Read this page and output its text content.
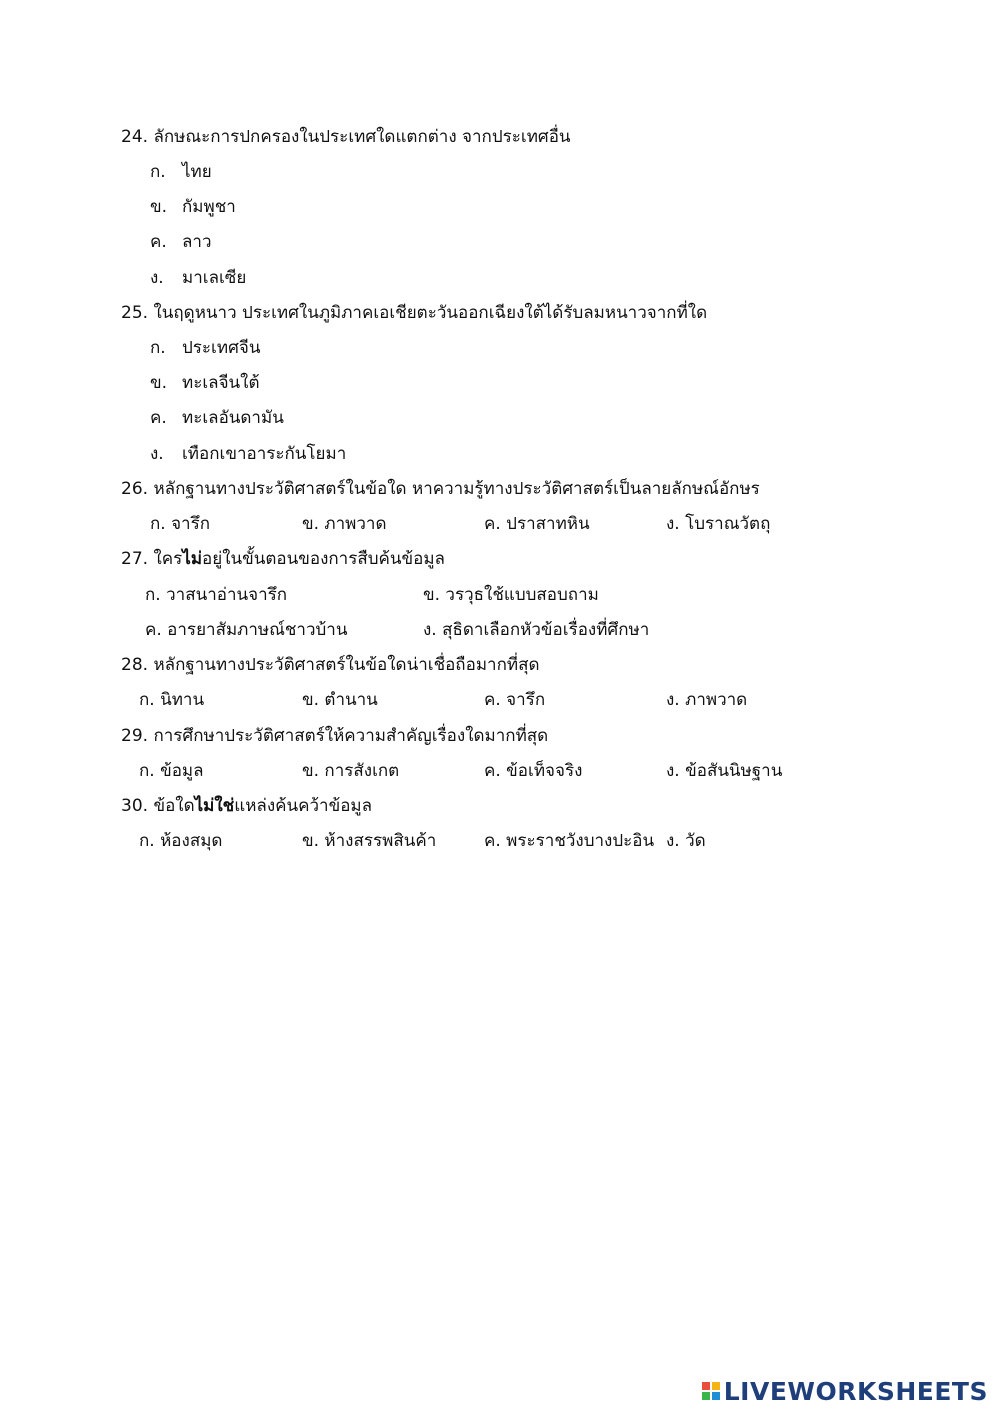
24. ลักษณะการปกครองในประเทศใดแตกต่าง จากประเทศอื่น
ก. ไทย
ข. กัมพูชา
ค. ลาว
ง. มาเลเซีย
25. ในฤดูหนาว ประเทศในภูมิภาคเอเชียตะวันออกเฉียงใต้ได้รับลมหนาวจากที่ใด
ก. ประเทศจีน
ข. ทะเลจีนใต้
ค. ทะเลอันดามัน
ง. เทือกเขาอาระกันโยมา
26. หลักฐานทางประวัติศาสตร์ในข้อใด หาความรู้ทางประวัติศาสตร์เป็นลายลักษณ์อักษร
ก. จารึก	ข. ภาพวาด	ค. ปราสาทหิน	ง. โบราณวัตถุ
27. ใครไม่อยู่ในขั้นตอนของการสืบค้นข้อมูล
ก. วาสนาอ่านจารึก	ข. วรวุธใช้แบบสอบถาม
ค. อารยาสัมภาษณ์ชาวบ้าน	ง. สุธิดาเลือกหัวข้อเรื่องที่ศึกษา
28. หลักฐานทางประวัติศาสตร์ในข้อใดน่าเชื่อถือมากที่สุด
ก. นิทาน	ข. ตำนาน	ค. จารึก	ง. ภาพวาด
29. การศึกษาประวัติศาสตร์ให้ความสำคัญเรื่องใดมากที่สุด
ก. ข้อมูล	ข. การสังเกต	ค. ข้อเท็จจริง	ง. ข้อสันนิษฐาน
30. ข้อใดไม่ใช่แหล่งค้นคว้าข้อมูล
ก. ห้องสมุด	ข. ห้างสรรพสินค้า	ค. พระราชวังบางปะอิน ง. วัด
LIVEWORKSHEETS
